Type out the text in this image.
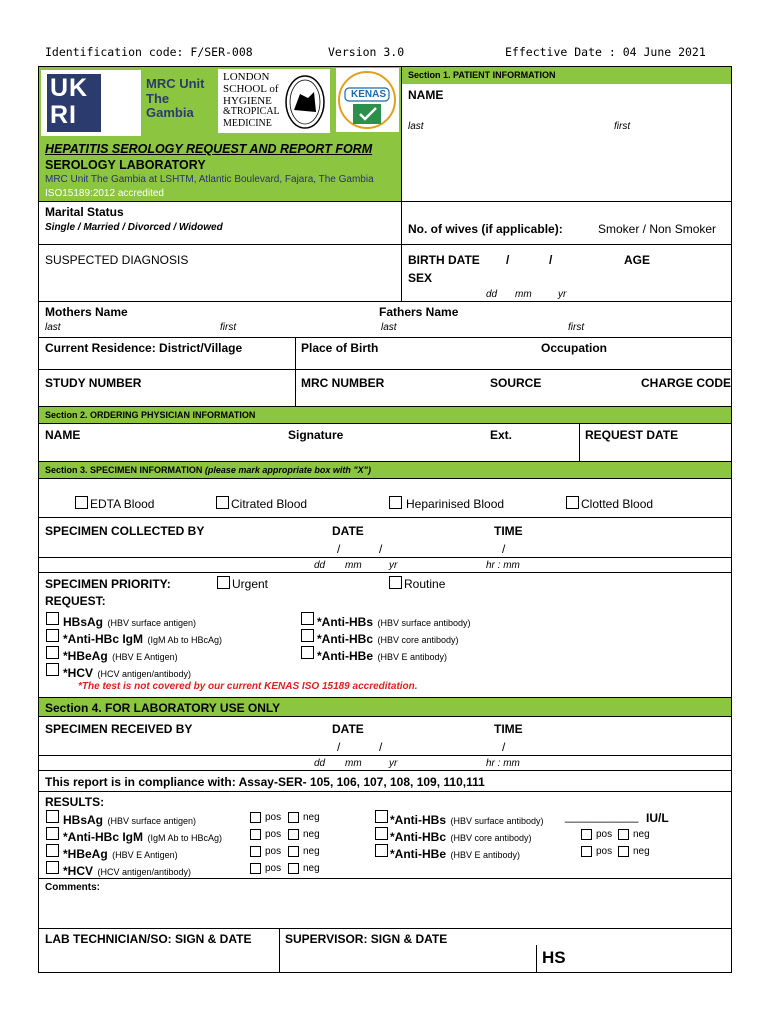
Identification code: F/SER-008	Version 3.0	Effective Date : 04 June 2021
Section 1. PATIENT INFORMATION
UK
RI
MRC Unit
The
Gambia
LONDON
SCHOOL of
HYGIENE
&TROPICAL
MEDICINE
KENAS
HEPATITIS SEROLOGY REQUEST AND REPORT FORM
SEROLOGY LABORATORY
MRC Unit The Gambia at LSHTM, Atlantic Boulevard, Fajara, The Gambia
ISO15189:2012 accredited
NAME
last	first
Marital Status
Single / Married / Divorced / Widowed	No. of wives (if applicable):	Smoker / Non Smoker
SUSPECTED DIAGNOSIS	BIRTH DATE /	/	AGE
SEX
dd mm	yr
Mothers Name	Fathers Name
last	first	last	first
Current Residence: District/Village	Place of Birth	Occupation
STUDY NUMBER	MRC NUMBER	SOURCE	CHARGE CODE
Section 2. ORDERING PHYSICIAN INFORMATION
NAME	Signature	Ext.	REQUEST DATE
Section 3. SPECIMEN INFORMATION (please mark appropriate box with "X")
EDTA Blood	Citrated Blood	Heparinised Blood	Clotted Blood
SPECIMEN COLLECTED BY	DATE	TIME
/	/	/
dd mm	yr	hr : mm
SPECIMEN PRIORITY:	Urgent	Routine
REQUEST:
HBsAg (HBV surface antigen)
*Anti-HBc IgM (IgM Ab to HBcAg)
*HBeAg (HBV E Antigen)
*HCV (HCV antigen/antibody)
*Anti-HBs (HBV surface antibody)
*Anti-HBc (HBV core antibody)
*Anti-HBe (HBV E antibody)
*The test is not covered by our current KENAS ISO 15189 accreditation.
Section 4. FOR LABORATORY USE ONLY
SPECIMEN RECEIVED BY	DATE	TIME
/	/	/
dd mm	yr	hr : mm
This report is in compliance with: Assay-SER- 105, 106, 107, 108, 109, 110,111
RESULTS:
HBsAg (HBV surface antigen)	pos neg
*Anti-HBc IgM (IgM Ab to HBcAg)	pos neg
*HBeAg (HBV E Antigen)	pos neg
*HCV (HCV antigen/antibody)	pos neg
*Anti-HBs (HBV surface antibody) ___________ IU/L
*Anti-HBc (HBV core antibody)	pos neg
*Anti-HBe (HBV E antibody)	pos neg
Comments:
LAB TECHNICIAN/SO: SIGN & DATE	SUPERVISOR: SIGN & DATE
HS
